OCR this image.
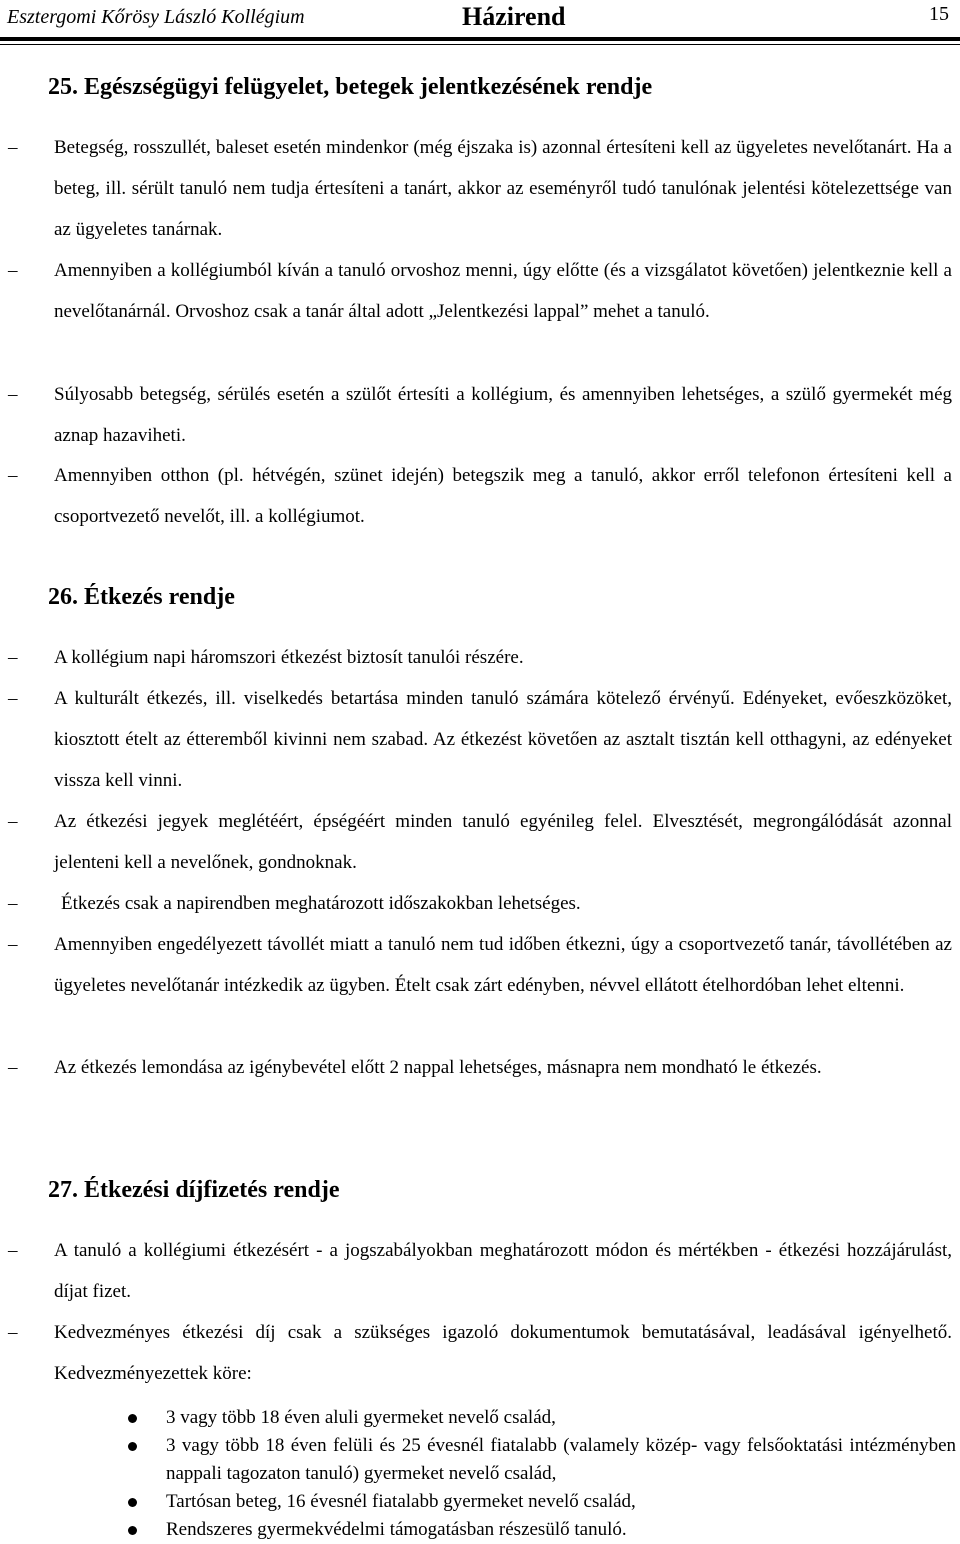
Esztergomi Kőrösy László Kollégium	Házirend	15
25. Egészségügyi felügyelet, betegek jelentkezésének rendje
– Betegség, rosszullét, baleset esetén mindenkor (még éjszaka is) azonnal értesíteni kell az ügyeletes nevelőtanárt. Ha a beteg, ill. sérült tanuló nem tudja értesíteni a tanárt, akkor az eseményről tudó tanulónak jelentési kötelezettsége van az ügyeletes tanárnak.
– Amennyiben a kollégiumból kíván a tanuló orvoshoz menni, úgy előtte (és a vizsgálatot követően) jelentkeznie kell a nevelőtanárnál. Orvoshoz csak a tanár által adott „Jelentkezési lappal” mehet a tanuló.
– Súlyosabb betegség, sérülés esetén a szülőt értesíti a kollégium, és amennyiben lehetséges, a szülő gyermekét még aznap hazaviheti.
– Amennyiben otthon (pl. hétvégén, szünet idején) betegszik meg a tanuló, akkor erről telefonon értesíteni kell a csoportvezető nevelőt, ill. a kollégiumot.
26. Étkezés rendje
– A kollégium napi háromszori étkezést biztosít tanulói részére.
– A kulturált étkezés, ill. viselkedés betartása minden tanuló számára kötelező érvényű. Edényeket, evőeszközöket, kiosztott ételt az étteremből kivinni nem szabad. Az étkezést követően az asztalt tisztán kell otthagyni, az edényeket vissza kell vinni.
– Az étkezési jegyek meglétéért, épségéért minden tanuló egyénileg felel. Elvesztését, megrongálódását azonnal jelenteni kell a nevelőnek, gondnoknak.
–	Étkezés csak a napirendben meghatározott időszakokban lehetséges.
– Amennyiben engedélyezett távollét miatt a tanuló nem tud időben étkezni, úgy a csoportvezető tanár, távollétében az ügyeletes nevelőtanár intézkedik az ügyben. Ételt csak zárt edényben, névvel ellátott ételhordóban lehet eltenni.
– Az étkezés lemondása az igénybevétel előtt 2 nappal lehetséges, másnapra nem mondható le étkezés.
27. Étkezési díjfizetés rendje
– A tanuló a kollégiumi étkezésért - a jogszabályokban meghatározott módon és mértékben - étkezési hozzájárulást, díjat fizet.
– Kedvezményes étkezési díj csak a szükséges igazoló dokumentumok bemutatásával, leadásával igényelhető. Kedvezményezettek köre:
3 vagy több 18 éven aluli gyermeket nevelő család,
3 vagy több 18 éven felüli és 25 évesnél fiatalabb (valamely közép- vagy felsőoktatási intézményben nappali tagozaton tanuló) gyermeket nevelő család,
Tartósan beteg, 16 évesnél fiatalabb gyermeket nevelő család,
Rendszeres gyermekvédelmi támogatásban részesülő tanuló.
